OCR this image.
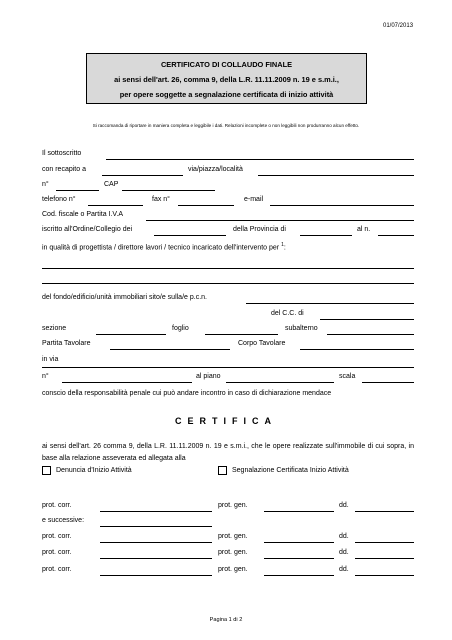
01/07/2013
CERTIFICATO DI COLLAUDO FINALE
ai sensi dell'art. 26, comma 9, della L.R. 11.11.2009 n. 19 e s.m.i.,
per opere soggette a segnalazione certificata di inizio attività
Si raccomanda di riportare in maniera completa e leggibile i dati. Relazioni incomplete o non leggibili non produrranno alcun effetto.
Il sottoscritto
con recapito a	via/piazza/località
n°	CAP
telefono n°	fax n°	e-mail
Cod. fiscale o Partita I.V.A
iscritto all'Ordine/Collegio dei	della Provincia di	al n.
in qualità di progettista / direttore lavori / tecnico incaricato dell'intervento per $^1$:
del fondo/edificio/unità immobiliari sito/e sulla/e p.c.n.
del C.C. di
sezione	foglio	subalterno
Partita Tavolare	Corpo Tavolare
in via
n°	al piano	scala
conscio della responsabilità penale cui può andare incontro in caso di dichiarazione mendace
CERTIFICA
ai sensi dell'art. 26 comma 9, della L.R. 11.11.2009 n. 19 e s.m.i., che le opere realizzate sull'immobile di cui sopra, in base alla relazione asseverata ed allegata alla
Denuncia d'Inizio Attività	Segnalazione Certificata Inizio Attività
prot. corr.	prot. gen.	dd.
e successive:
prot. corr.	prot. gen.	dd.
prot. corr.	prot. gen.	dd.
prot. corr.	prot. gen.	dd.
Pagina 1 di 2
